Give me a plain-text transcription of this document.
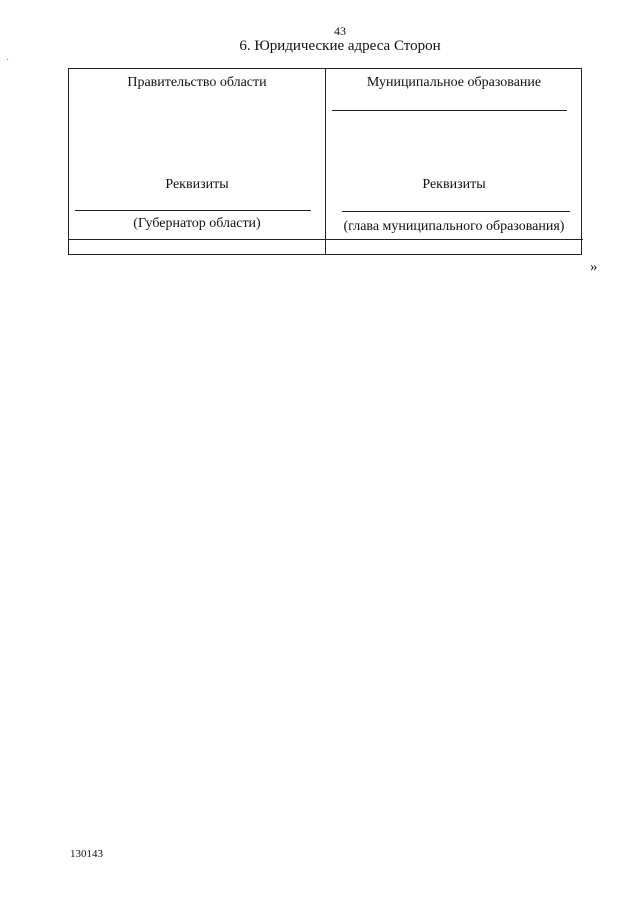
43
6. Юридические адреса Сторон
·
Правительство области
Реквизиты
(Губернатор области)
Муниципальное образование
Реквизиты
(глава муниципального образования)
»
130143
